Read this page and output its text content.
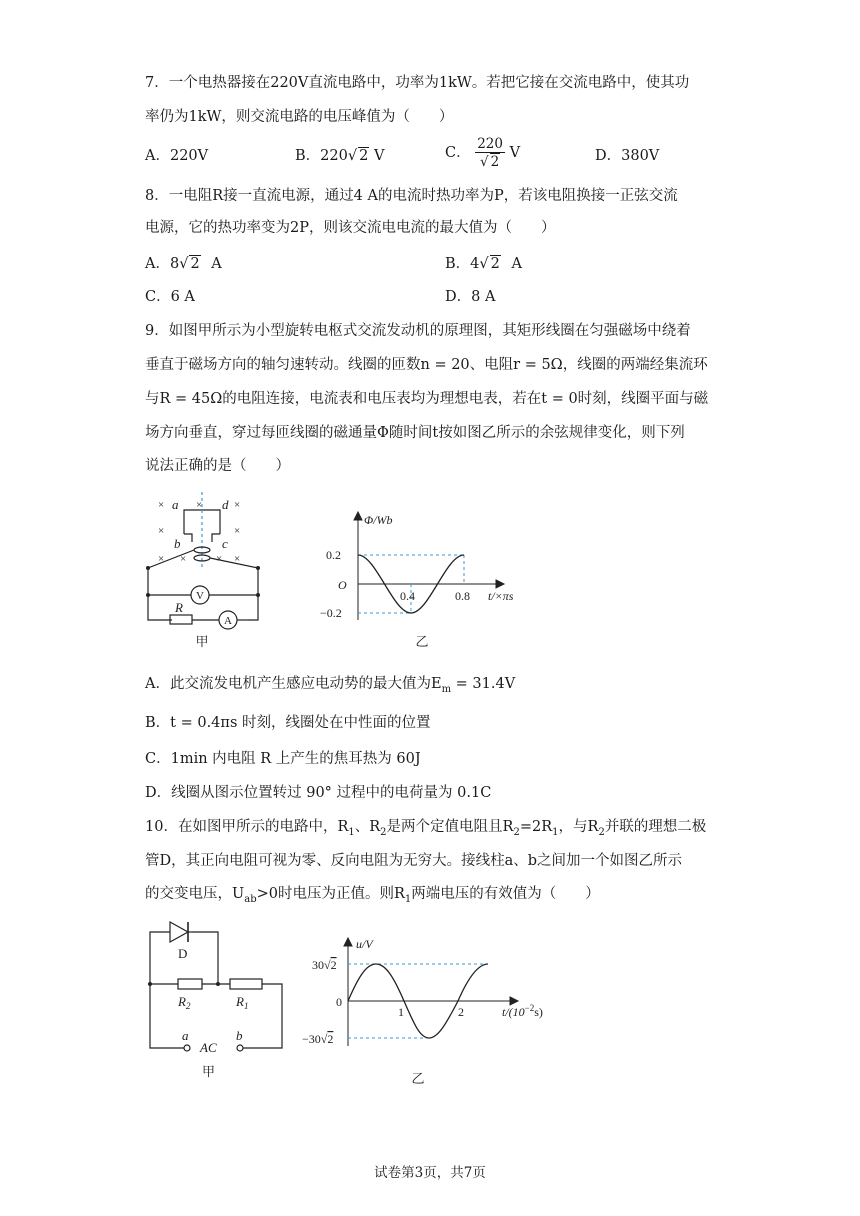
7．一个电热器接在220V直流电路中，功率为1kW。若把它接在交流电路中，使其功
率仍为1kW，则交流电路的电压峰值为（　　）
A．220V	B．220√ 2 V	C． $\frac{220}{√ 2}$ V	D．380V
8．一电阻R接一直流电源，通过4 A的电流时热功率为P，若该电阻换接一正弦交流
电源，它的热功率变为2P，则该交流电电流的最大值为（　　）
A．8√ 2 A	B．4√ 2 A
C．6 A	D．8 A
9．如图甲所示为小型旋转电枢式交流发动机的原理图，其矩形线圈在匀强磁场中绕着
垂直于磁场方向的轴匀速转动。线圈的匝数n = 20、电阻r = 5Ω，线圈的两端经集流环
与R = 45Ω的电阻连接，电流表和电压表均为理想电表，若在t = 0时刻，线圈平面与磁
场方向垂直，穿过每匝线圈的磁通量Φ随时间t按如图乙所示的余弦规律变化，则下列
说法正确的是（　　）
×	×	×
×	×
× ×	× ×
a	d
b	c
R
V
A
甲
Φ/Wb
0.2
O
−0.2
0.4	0.8 t/×πs
乙
A．此交流发电机产生感应电动势的最大值为$E_m = 31.4V$
B．t = 0.4πs 时刻，线圈处在中性面的位置
C．1min 内电阻 R 上产生的焦耳热为 60J
D．线圈从图示位置转过 90° 过程中的电荷量为 0.1C
10．在如图甲所示的电路中，$R_1$、$R_2$是两个定值电阻且$R_2=2R_1$，与$R_2$并联的理想二极
管D，其正向电阻可视为零、反向电阻为无穷大。接线柱a、b之间加一个如图乙所示
的交变电压，$U_{ab}>0$时电压为正值。则$R_1$两端电压的有效值为（　　）
D
$R_2$	$R_1$
a	b
AC
甲
u/V
30√2
0
−30√2
1	2	$t/(10^{-2}s)$
乙
试卷第3页，共7页
